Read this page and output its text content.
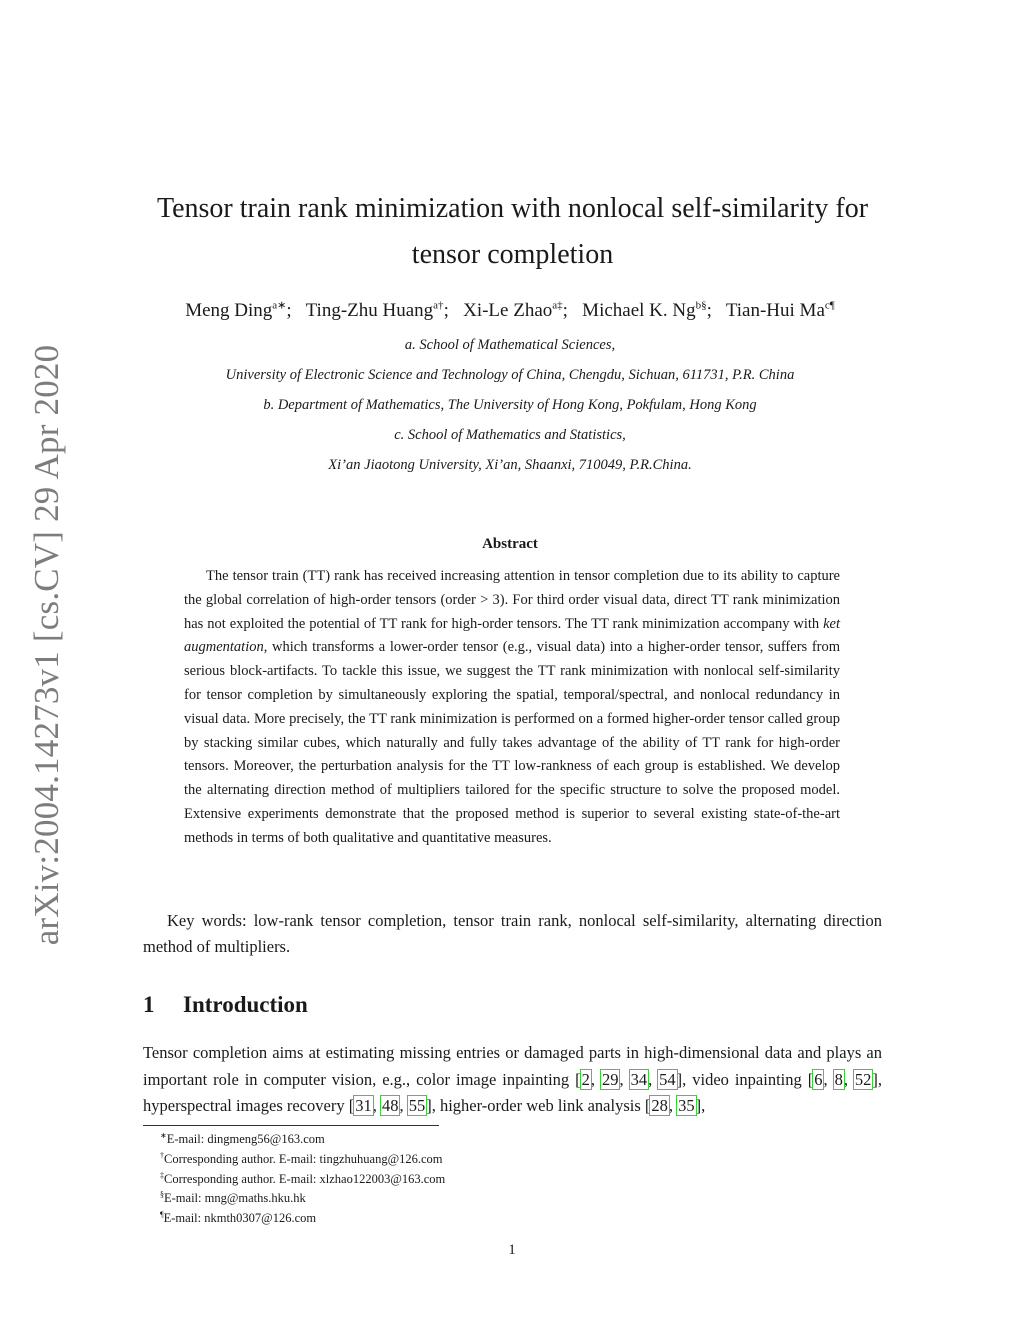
arXiv:2004.14273v1 [cs.CV] 29 Apr 2020
Tensor train rank minimization with nonlocal self-similarity for
tensor completion
Meng Ding$^{a∗}$;   Ting-Zhu Huang$^{a\dagger}$;   Xi-Le Zhao$^{a\ddagger}$;   Michael K. $Ng^{b\S}$;   Tian-Hui $Ma^{c\P}$
a. School of Mathematical Sciences,
University of Electronic Science and Technology of China, Chengdu, Sichuan, 611731, P.R. China
b. Department of Mathematics, The University of Hong Kong, Pokfulam, Hong Kong
c. School of Mathematics and Statistics,
Xi’an Jiaotong University, Xi’an, Shaanxi, 710049, P.R.China.
Abstract
The tensor train (TT) rank has received increasing attention in tensor completion due to its ability to capture the global correlation of high-order tensors (order > 3). For third order visual data, direct TT rank minimization has not exploited the potential of TT rank for high-order tensors. The TT rank minimization accompany with ket augmentation, which transforms a lower-order tensor (e.g., visual data) into a higher-order tensor, suffers from serious block-artifacts. To tackle this issue, we suggest the TT rank minimization with nonlocal self-similarity for tensor completion by simultaneously exploring the spatial, temporal/spectral, and nonlocal redundancy in visual data. More precisely, the TT rank minimization is performed on a formed higher-order tensor called group by stacking similar cubes, which naturally and fully takes advantage of the ability of TT rank for high-order tensors. Moreover, the perturbation analysis for the TT low-rankness of each group is established. We develop the alternating direction method of multipliers tailored for the specific structure to solve the proposed model. Extensive experiments demonstrate that the proposed method is superior to several existing state-of-the-art methods in terms of both qualitative and quantitative measures.
Key words: low-rank tensor completion, tensor train rank, nonlocal self-similarity, alternating direction method of multipliers.
1 Introduction
Tensor completion aims at estimating missing entries or damaged parts in high-dimensional data and plays an important role in computer vision, e.g., color image inpainting [2, 29, 34, 54], video inpainting [6, 8, 52], hyperspectral images recovery [31, 48, 55], higher-order web link analysis [28, 35],
∗E-mail: dingmeng56@163.com
†Corresponding author. E-mail: tingzhuhuang@126.com
‡Corresponding author. E-mail: xlzhao122003@163.com
§E-mail: mng@maths.hku.hk
¶E-mail: nkmth0307@126.com
1
